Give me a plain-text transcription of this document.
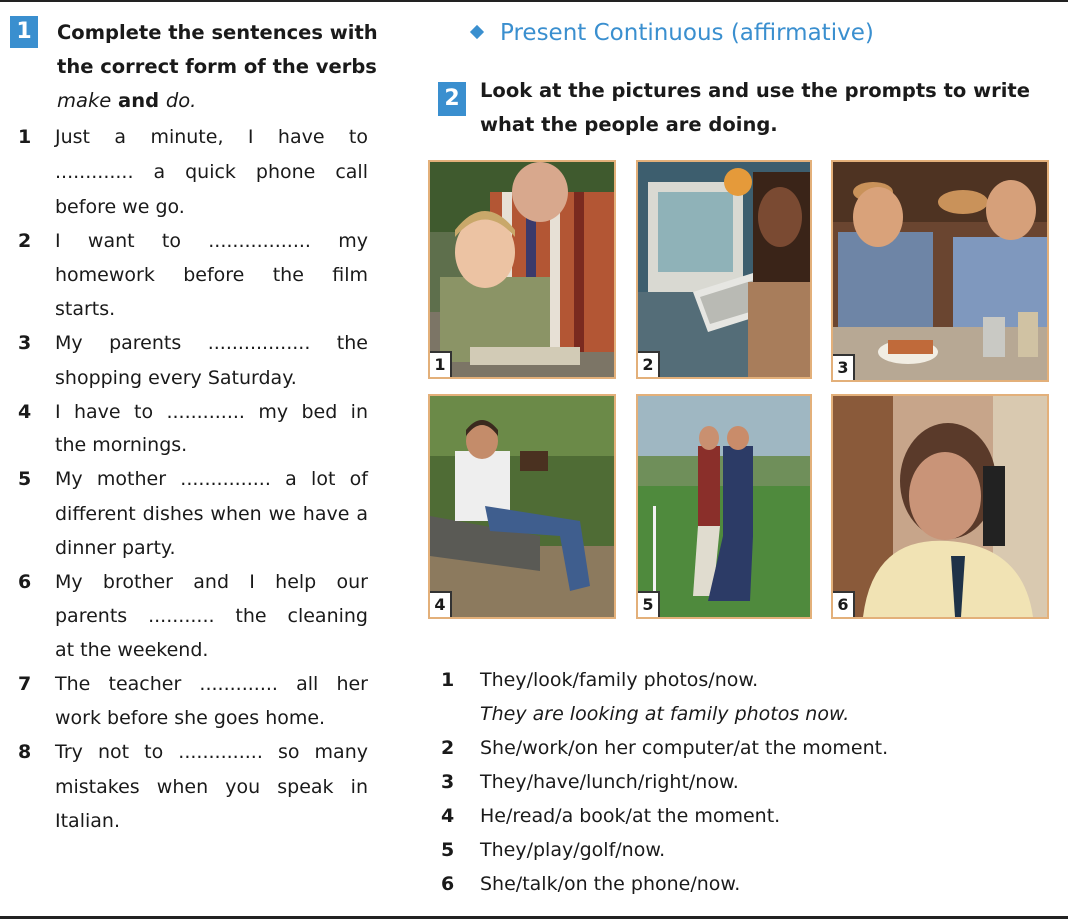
1	Complete the sentences with
the correct form of the verbs
make and do.
1 Just a minute, I have to
............. a quick phone call
before we go.
2 I want to ................. my
homework before the film
starts.
3 My parents ................. the
shopping every Saturday.
4 I have to ............. my bed in
the mornings.
5 My mother ............... a lot of
different dishes when we have a
dinner party.
6 My brother and I help our
parents ........... the cleaning
at the weekend.
7 The teacher ............. all her
work before she goes home.
8 Try not to .............. so many
mistakes when you speak in
Italian.
Present Continuous (affirmative)
2	Look at the pictures and use the prompts to write
what the people are doing.
1	2	3
4	5	6
1 They/look/family photos/now.
They are looking at family photos now.
2 She/work/on her computer/at the moment.
3 They/have/lunch/right/now.
4 He/read/a book/at the moment.
5 They/play/golf/now.
6 She/talk/on the phone/now.
